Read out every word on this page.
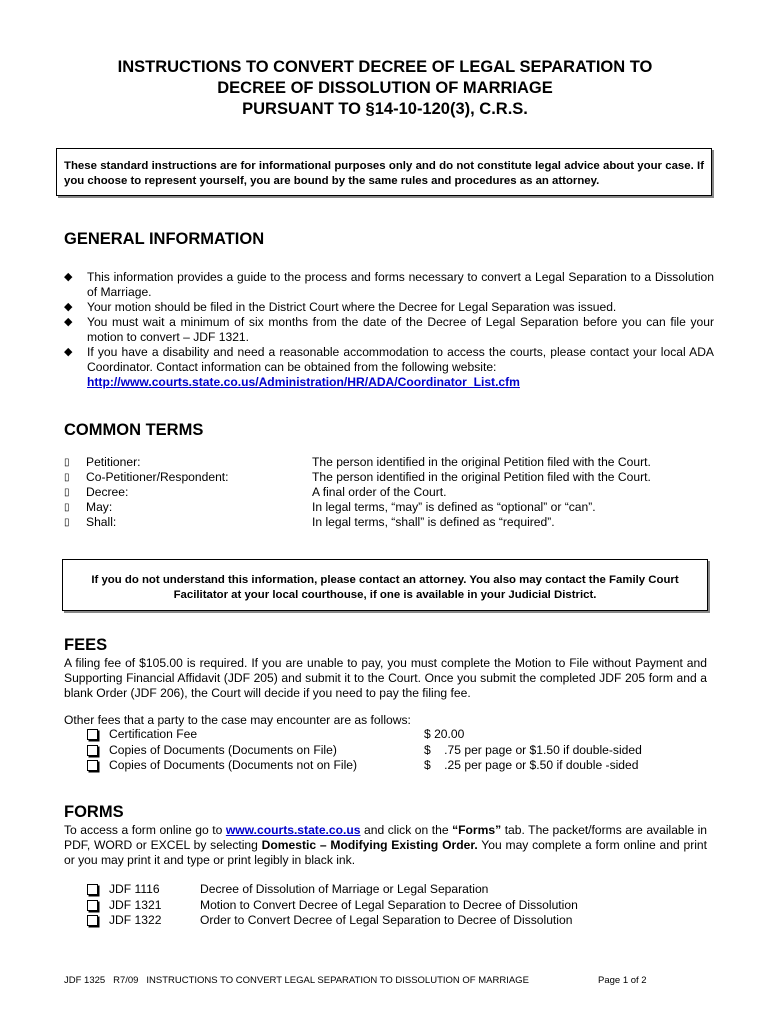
INSTRUCTIONS TO CONVERT DECREE OF LEGAL SEPARATION TO
DECREE OF DISSOLUTION OF MARRIAGE
PURSUANT TO §14-10-120(3), C.R.S.
These standard instructions are for informational purposes only and do not constitute legal advice about your case. If you choose to represent yourself, you are bound by the same rules and procedures as an attorney.
GENERAL INFORMATION
◆ This information provides a guide to the process and forms necessary to convert a Legal Separation to a Dissolution of Marriage.
◆ Your motion should be filed in the District Court where the Decree for Legal Separation was issued.
◆ You must wait a minimum of six months from the date of the Decree of Legal Separation before you can file your motion to convert – JDF 1321.
◆ If you have a disability and need a reasonable accommodation to access the courts, please contact your local ADA Coordinator. Contact information can be obtained from the following website:
http://www.courts.state.co.us/Administration/HR/ADA/Coordinator_List.cfm
COMMON TERMS
▯	Petitioner:	The person identified in the original Petition filed with the Court.
▯	Co-Petitioner/Respondent:	The person identified in the original Petition filed with the Court.
▯	Decree:	A final order of the Court.
▯	May:	In legal terms, “may” is defined as “optional” or “can”.
▯	Shall:	In legal terms, “shall” is defined as “required”.
If you do not understand this information, please contact an attorney. You also may contact the Family Court Facilitator at your local courthouse, if one is available in your Judicial District.
FEES
A filing fee of $105.00 is required. If you are unable to pay, you must complete the Motion to File without Payment and Supporting Financial Affidavit (JDF 205) and submit it to the Court. Once you submit the completed JDF 205 form and a blank Order (JDF 206), the Court will decide if you need to pay the filing fee.
Other fees that a party to the case may encounter are as follows:
Certification Fee	$ 20.00
Copies of Documents (Documents on File)	$    .75 per page or $1.50 if double-sided
Copies of Documents (Documents not on File)	$    .25 per page or $.50 if double -sided
FORMS
To access a form online go to www.courts.state.co.us and click on the “Forms” tab. The packet/forms are available in PDF, WORD or EXCEL by selecting Domestic – Modifying Existing Order. You may complete a form online and print or you may print it and type or print legibly in black ink.
JDF 1116	Decree of Dissolution of Marriage or Legal Separation
JDF 1321	Motion to Convert Decree of Legal Separation to Decree of Dissolution
JDF 1322	Order to Convert Decree of Legal Separation to Decree of Dissolution
JDF 1325   R7/09   INSTRUCTIONS TO CONVERT LEGAL SEPARATION TO DISSOLUTION OF MARRIAGE	Page 1 of 2
